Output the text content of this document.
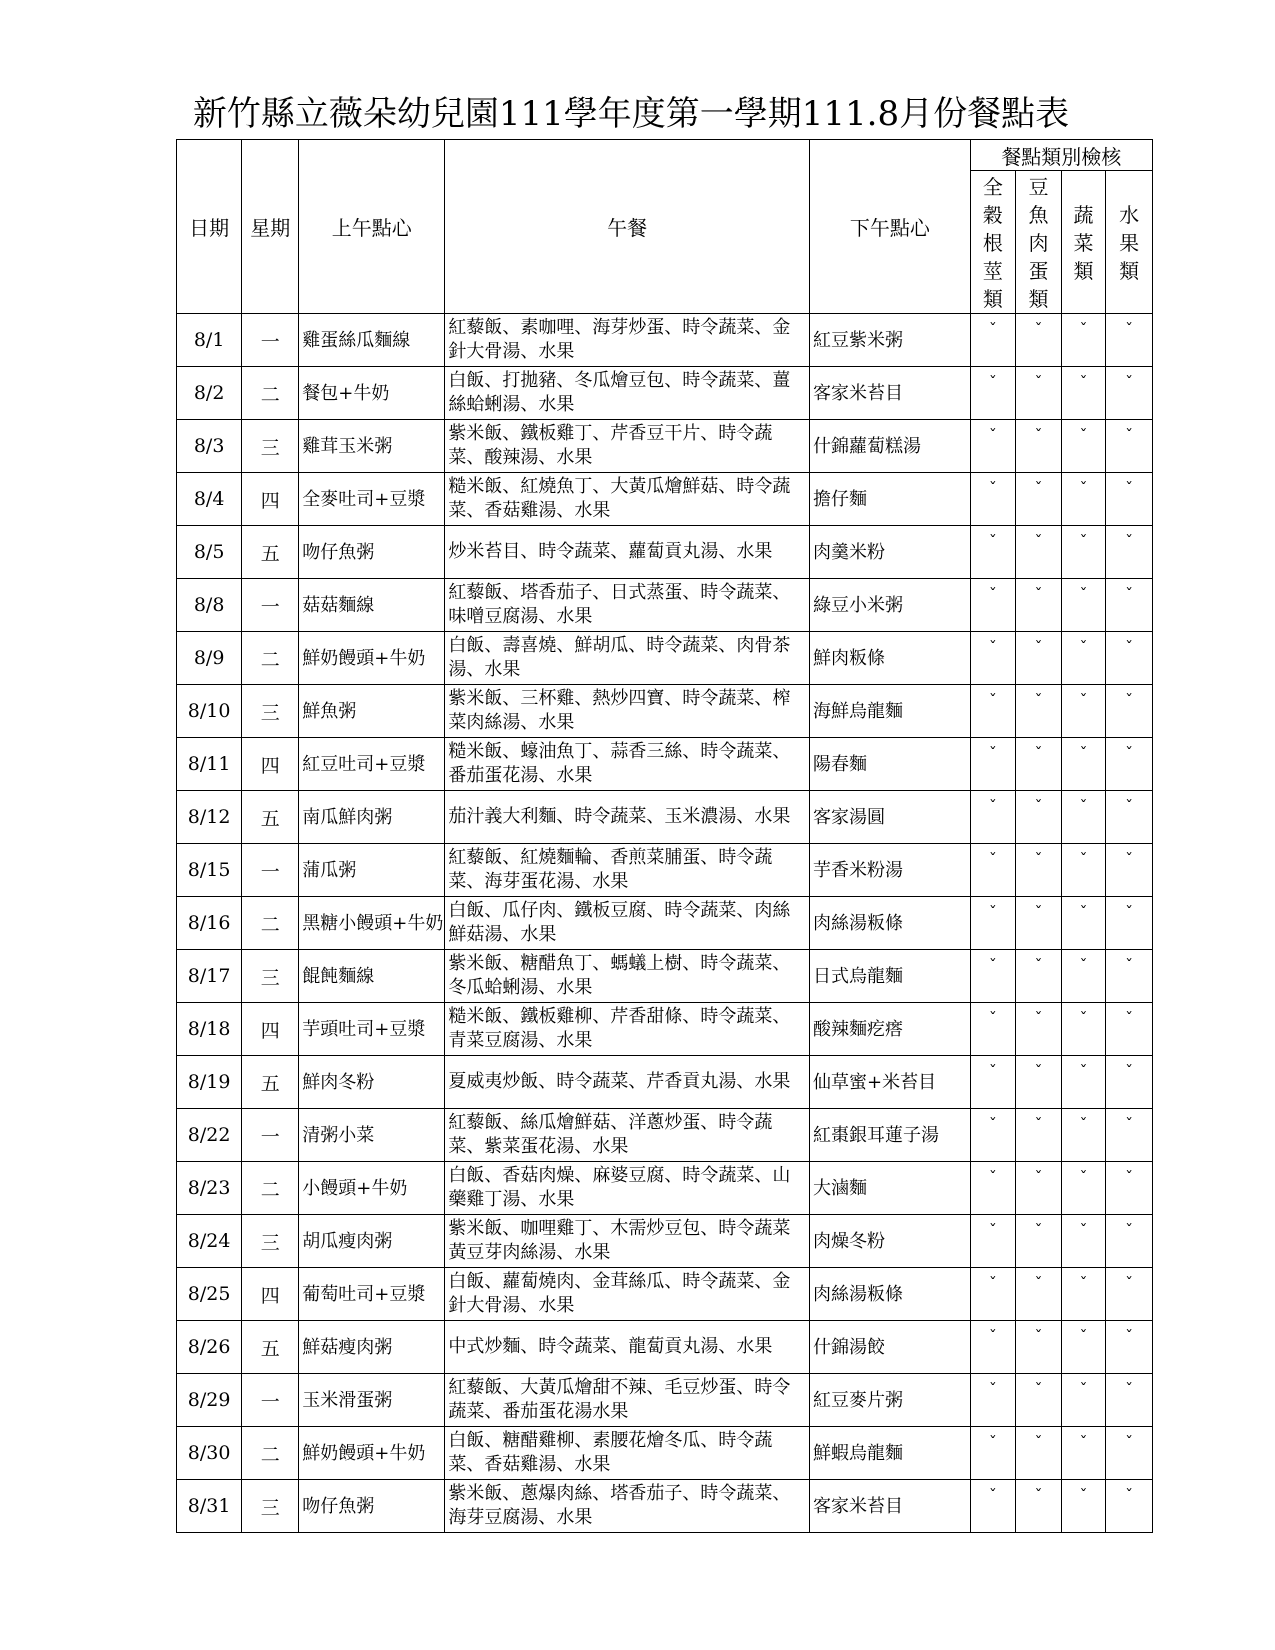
新竹縣立薇朵幼兒園111學年度第一學期111.8月份餐點表
日期	星期	上午點心	午餐	下午點心	餐點類別檢核			

					全
穀
根
莖
類	豆
魚
肉
蛋
類	蔬
菜
類	水
果
類

8/1	一	雞蛋絲瓜麵線	紅藜飯、素咖哩、海芽炒蛋、時令蔬菜、金針大骨湯、水果	紅豆紫米粥	ˇ	ˇ	ˇ	ˇ
8/2	二	餐包+牛奶	白飯、打拋豬、冬瓜燴豆包、時令蔬菜、薑絲蛤蜊湯、水果	客家米苔目	ˇ	ˇ	ˇ	ˇ
8/3	三	雞茸玉米粥	紫米飯、鐵板雞丁、芹香豆干片、時令蔬菜、酸辣湯、水果	什錦蘿蔔糕湯	ˇ	ˇ	ˇ	ˇ
8/4	四	全麥吐司+豆漿	糙米飯、紅燒魚丁、大黃瓜燴鮮菇、時令蔬菜、香菇雞湯、水果	擔仔麵	ˇ	ˇ	ˇ	ˇ
8/5	五	吻仔魚粥	炒米苔目、時令蔬菜、蘿蔔貢丸湯、水果	肉羹米粉	ˇ	ˇ	ˇ	ˇ
8/8	一	菇菇麵線	紅藜飯、塔香茄子、日式蒸蛋、時令蔬菜、味噌豆腐湯、水果	綠豆小米粥	ˇ	ˇ	ˇ	ˇ
8/9	二	鮮奶饅頭+牛奶	白飯、壽喜燒、鮮胡瓜、時令蔬菜、肉骨茶湯、水果	鮮肉粄條	ˇ	ˇ	ˇ	ˇ
8/10	三	鮮魚粥	紫米飯、三杯雞、熱炒四寶、時令蔬菜、榨菜肉絲湯、水果	海鮮烏龍麵	ˇ	ˇ	ˇ	ˇ
8/11	四	紅豆吐司+豆漿	糙米飯、蠔油魚丁、蒜香三絲、時令蔬菜、番茄蛋花湯、水果	陽春麵	ˇ	ˇ	ˇ	ˇ
8/12	五	南瓜鮮肉粥	茄汁義大利麵、時令蔬菜、玉米濃湯、水果	客家湯圓	ˇ	ˇ	ˇ	ˇ
8/15	一	蒲瓜粥	紅藜飯、紅燒麵輪、香煎菜脯蛋、時令蔬菜、海芽蛋花湯、水果	芋香米粉湯	ˇ	ˇ	ˇ	ˇ
8/16	二	黑糖小饅頭+牛奶	白飯、瓜仔肉、鐵板豆腐、時令蔬菜、肉絲鮮菇湯、水果	肉絲湯粄條	ˇ	ˇ	ˇ	ˇ
8/17	三	餛飩麵線	紫米飯、糖醋魚丁、螞蟻上樹、時令蔬菜、冬瓜蛤蜊湯、水果	日式烏龍麵	ˇ	ˇ	ˇ	ˇ
8/18	四	芋頭吐司+豆漿	糙米飯、鐵板雞柳、芹香甜條、時令蔬菜、青菜豆腐湯、水果	酸辣麵疙瘩	ˇ	ˇ	ˇ	ˇ
8/19	五	鮮肉冬粉	夏威夷炒飯、時令蔬菜、芹香貢丸湯、水果	仙草蜜+米苔目	ˇ	ˇ	ˇ	ˇ
8/22	一	清粥小菜	紅藜飯、絲瓜燴鮮菇、洋蔥炒蛋、時令蔬菜、紫菜蛋花湯、水果	紅棗銀耳蓮子湯	ˇ	ˇ	ˇ	ˇ
8/23	二	小饅頭+牛奶	白飯、香菇肉燥、麻婆豆腐、時令蔬菜、山藥雞丁湯、水果	大滷麵	ˇ	ˇ	ˇ	ˇ
8/24	三	胡瓜瘦肉粥	紫米飯、咖哩雞丁、木需炒豆包、時令蔬菜黃豆芽肉絲湯、水果	肉燥冬粉	ˇ	ˇ	ˇ	ˇ
8/25	四	葡萄吐司+豆漿	白飯、蘿蔔燒肉、金茸絲瓜、時令蔬菜、金針大骨湯、水果	肉絲湯粄條	ˇ	ˇ	ˇ	ˇ
8/26	五	鮮菇瘦肉粥	中式炒麵、時令蔬菜、龍蔔貢丸湯、水果	什錦湯餃	ˇ	ˇ	ˇ	ˇ
8/29	一	玉米滑蛋粥	紅藜飯、大黃瓜燴甜不辣、毛豆炒蛋、時令蔬菜、番茄蛋花湯水果	紅豆麥片粥	ˇ	ˇ	ˇ	ˇ
8/30	二	鮮奶饅頭+牛奶	白飯、糖醋雞柳、素腰花燴冬瓜、時令蔬菜、香菇雞湯、水果	鮮蝦烏龍麵	ˇ	ˇ	ˇ	ˇ
8/31	三	吻仔魚粥	紫米飯、蔥爆肉絲、塔香茄子、時令蔬菜、海芽豆腐湯、水果	客家米苔目	ˇ	ˇ	ˇ	ˇ
